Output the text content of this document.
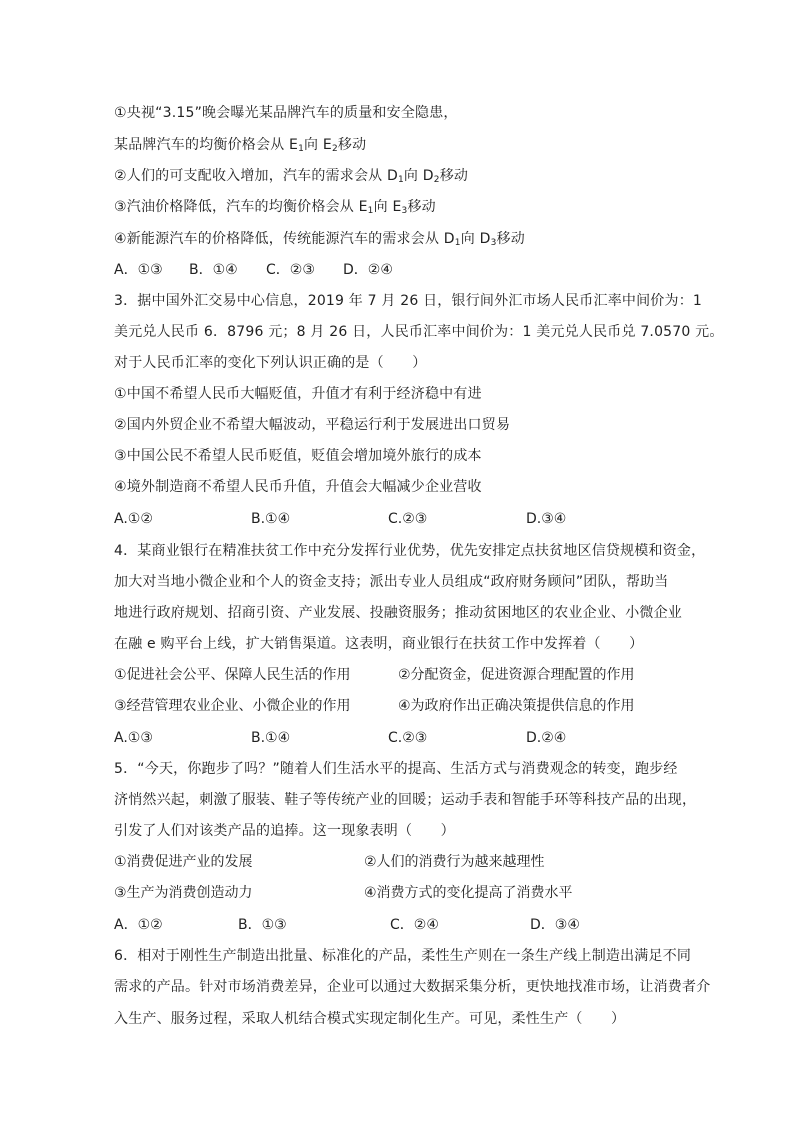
①央视“3.15”晚会曝光某品牌汽车的质量和安全隐患，
某品牌汽车的均衡价格会从 $E_1$向 $E_2$移动
②人们的可支配收入增加，汽车的需求会从 $D_1$向 $D_2$移动
③汽油价格降低，汽车的均衡价格会从 $E_1$向 $E_3$移动
④新能源汽车的价格降低，传统能源汽车的需求会从 $D_1$向 $D_3$移动
A．①③ B．①④ C．②③ D．②④
3．据中国外汇交易中心信息，2019 年 7 月 26 日，银行间外汇市场人民币汇率中间价为：1
美元兑人民币 6．8796 元；8 月 26 日，人民币汇率中间价为：1 美元兑人民币兑 7.0570 元。
对于人民币汇率的变化下列认识正确的是（　　）
①中国不希望人民币大幅贬值，升值才有利于经济稳中有进
②国内外贸企业不希望大幅波动，平稳运行利于发展进出口贸易
③中国公民不希望人民币贬值，贬值会增加境外旅行的成本
④境外制造商不希望人民币升值，升值会大幅减少企业营收
A.①②	B.①④	C.②③	D.③④
4．某商业银行在精准扶贫工作中充分发挥行业优势，优先安排定点扶贫地区信贷规模和资金，
加大对当地小微企业和个人的资金支持；派出专业人员组成“政府财务顾问”团队，帮助当
地进行政府规划、招商引资、产业发展、投融资服务；推动贫困地区的农业企业、小微企业
在融 e 购平台上线，扩大销售渠道。这表明，商业银行在扶贫工作中发挥着（　　）
①促进社会公平、保障人民生活的作用	②分配资金，促进资源合理配置的作用
③经营管理农业企业、小微企业的作用	④为政府作出正确决策提供信息的作用
A.①③	B.①④	C.②③	D.②④
5．“今天，你跑步了吗？”随着人们生活水平的提高、生活方式与消费观念的转变，跑步经
济悄然兴起，刺激了服装、鞋子等传统产业的回暖；运动手表和智能手环等科技产品的出现，
引发了人们对该类产品的追捧。这一现象表明（　　）
①消费促进产业的发展	②人们的消费行为越来越理性
③生产为消费创造动力	④消费方式的变化提高了消费水平
A．①②	B．①③	C．②④	D．③④
6．相对于刚性生产制造出批量、标准化的产品，柔性生产则在一条生产线上制造出满足不同
需求的产品。针对市场消费差异，企业可以通过大数据采集分析，更快地找准市场，让消费者介
入生产、服务过程，采取人机结合模式实现定制化生产。可见，柔性生产（　　）
